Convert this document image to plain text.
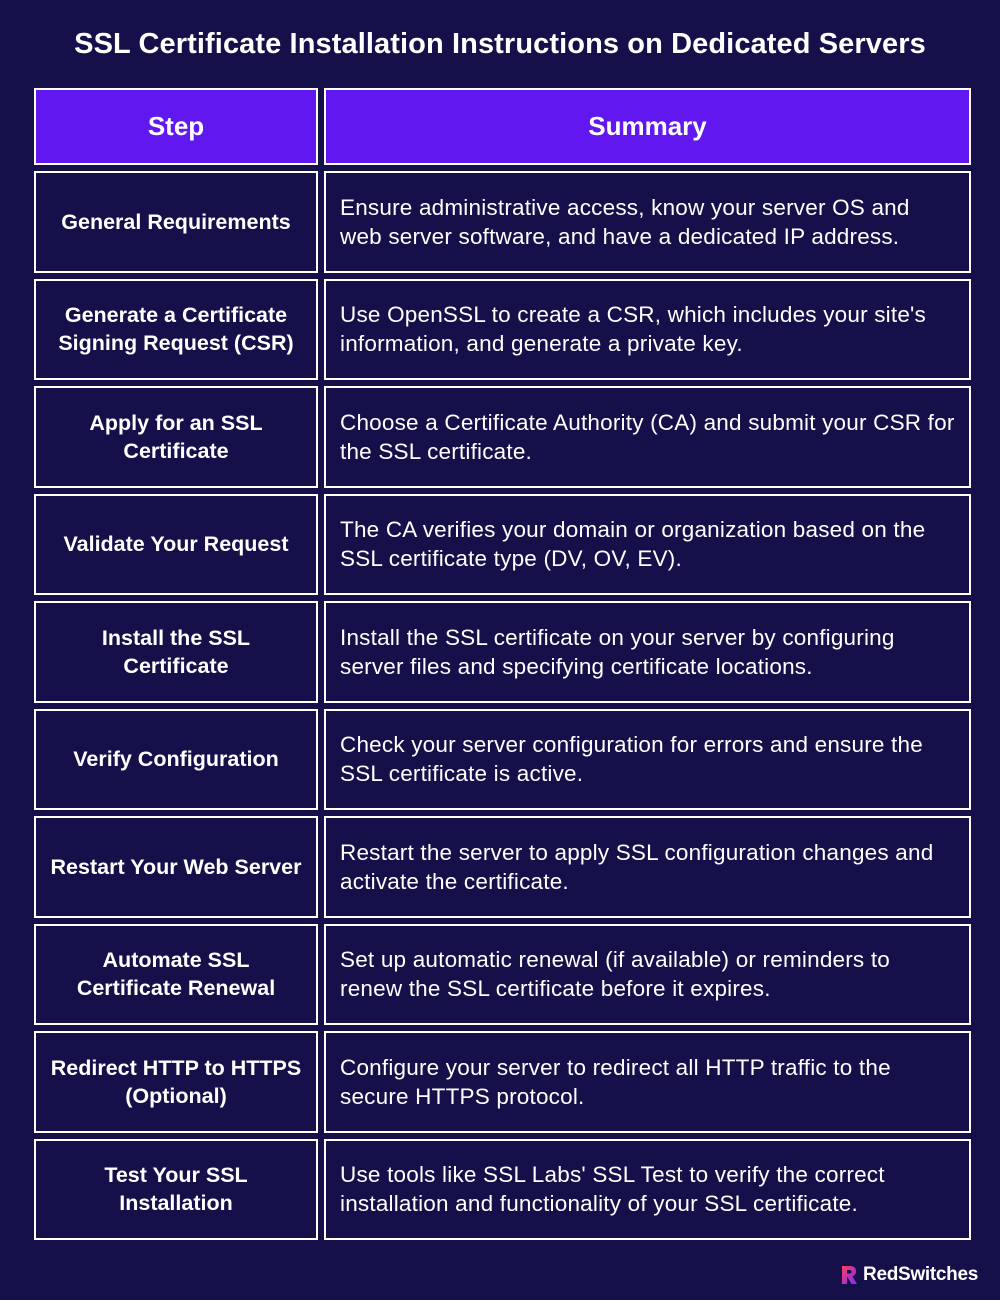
SSL Certificate Installation Instructions on Dedicated Servers
Step	Summary
General Requirements
Ensure administrative access, know your server OS and web server software, and have a dedicated IP address.
Generate a Certificate Signing Request (CSR)
Use OpenSSL to create a CSR, which includes your site's information, and generate a private key.
Apply for an SSL Certificate
Choose a Certificate Authority (CA) and submit your CSR for the SSL certificate.
Validate Your Request
The CA verifies your domain or organization based on the SSL certificate type (DV, OV, EV).
Install the SSL Certificate
Install the SSL certificate on your server by configuring server files and specifying certificate locations.
Verify Configuration
Check your server configuration for errors and ensure the SSL certificate is active.
Restart Your Web Server
Restart the server to apply SSL configuration changes and activate the certificate.
Automate SSL Certificate Renewal
Set up automatic renewal (if available) or reminders to renew the SSL certificate before it expires.
Redirect HTTP to HTTPS (Optional)
Configure your server to redirect all HTTP traffic to the secure HTTPS protocol.
Test Your SSL Installation
Use tools like SSL Labs' SSL Test to verify the correct installation and functionality of your SSL certificate.
RedSwitches
